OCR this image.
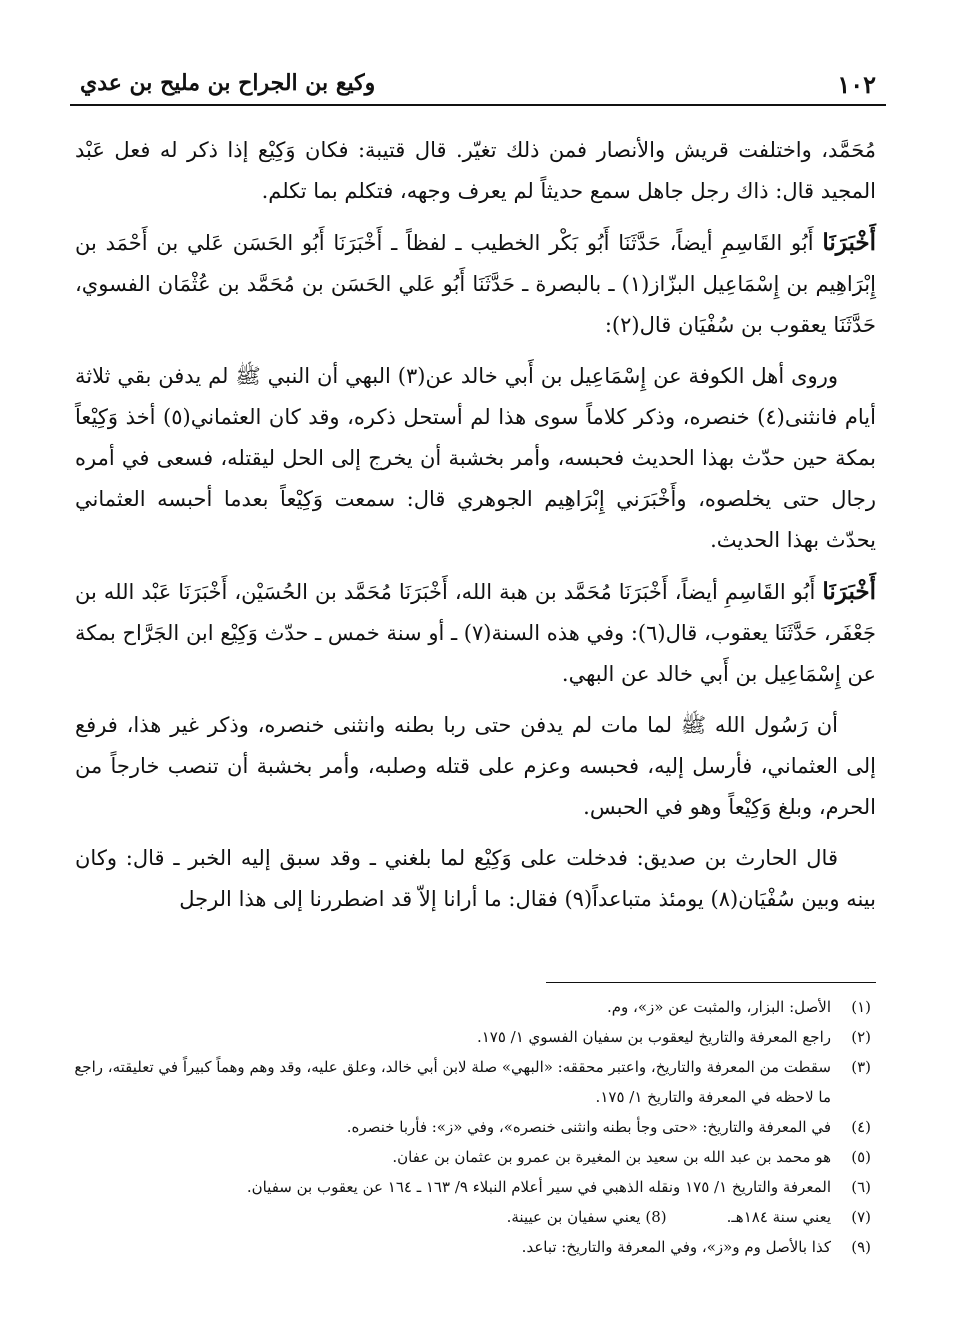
١٠٢
وكيع بن الجراح بن مليح بن عدي

مُحَمَّد، واختلفت قريش والأنصار فمن ذلك تغيّر. قال قتيبة: فكان وَكِيْع إذا ذكر له فعل عَبْد المجيد قال: ذاك رجل جاهل سمع حديثاً لم يعرف وجهه، فتكلم بما تكلم.

أَخْبَرَنَا أَبُو القَاسِمِ أيضاً، حَدَّثَنَا أَبُو بَكْر الخطيب ـ لفظاً ـ أَخْبَرَنَا أَبُو الحَسَن عَلي بن أَحْمَد بن إِبْرَاهِيم بن إِسْمَاعِيل البزّاز(١) ـ بالبصرة ـ حَدَّثَنَا أَبُو عَلي الحَسَن بن مُحَمَّد بن عُثْمَان الفسوي، حَدَّثَنَا يعقوب بن سُفْيَان قال(٢):

وروى أهل الكوفة عن إِسْمَاعِيل بن أَبي خالد عن(٣) البهي أن النبي ﷺ لم يدفن بقي ثلاثة أيام فانثنى(٤) خنصره، وذكر كلاماً سوى هذا لم أستحل ذكره، وقد كان العثماني(٥) أخذ وَكِيْعاً بمكة حين حدّث بهذا الحديث فحبسه، وأمر بخشبة أن يخرج إلى الحل ليقتله، فسعى في أمره رجال حتى يخلصوه، وأَخْبَرَني إِبْرَاهِيم الجوهري قال: سمعت وَكِيْعاً بعدما أحبسه العثماني يحدّث بهذا الحديث.

أَخْبَرَنَا أَبُو القَاسِمِ أيضاً، أَخْبَرَنَا مُحَمَّد بن هبة الله، أَخْبَرَنَا مُحَمَّد بن الحُسَيْن، أَخْبَرَنَا عَبْد الله بن جَعْفَر، حَدَّثَنَا يعقوب، قال(٦): وفي هذه السنة(٧) ـ أو سنة خمس ـ حدّث وَكِيْع ابن الجَرَّاح بمكة عن إِسْمَاعِيل بن أَبي خالد عن البهي.

أن رَسُول الله ﷺ لما مات لم يدفن حتى ربا بطنه وانثنى خنصره، وذكر غير هذا، فرفع إلى العثماني، فأرسل إليه، فحبسه وعزم على قتله وصلبه، وأمر بخشبة أن تنصب خارجاً من الحرم، وبلغ وَكِيْعاً وهو في الحبس.

قال الحارث بن صديق: فدخلت على وَكِيْع لما بلغني ـ وقد سبق إليه الخبر ـ قال: وكان بينه وبين سُفْيَان(٨) يومئذ متباعداً(٩) فقال: ما أرانا إلاّ قد اضطررنا إلى هذا الرجل

(١)
الأصل: البزار، والمثبت عن «ز»، وم.
(٢)
راجع المعرفة والتاريخ ليعقوب بن سفيان الفسوي ١/ ١٧٥.
(٣)
سقطت من المعرفة والتاريخ، واعتبر محققه: «البهي» صلة لابن أبي خالد، وعلق عليه، وقد وهم وهماً كبيراً في تعليقته، راجع ما لاحظه في المعرفة والتاريخ ١/ ١٧٥.
(٤)
في المعرفة والتاريخ: «حتى وجأ بطنه وانثنى خنصره»، وفي «ز»: فأربا خنصره.
(٥)
هو محمد بن عبد الله بن سعيد بن المغيرة بن عمرو بن عثمان بن عفان.
(٦)
المعرفة والتاريخ ١/ ١٧٥ ونقله الذهبي في سير أعلام النبلاء ٩/ ١٦٣ ـ ١٦٤ عن يعقوب بن سفيان.
(٧)
يعني سنة ١٨٤هـ.
(8) يعني سفيان بن عيينة.
(٩)
كذا بالأصل وم و«ز»، وفي المعرفة والتاريخ: تباعد.
